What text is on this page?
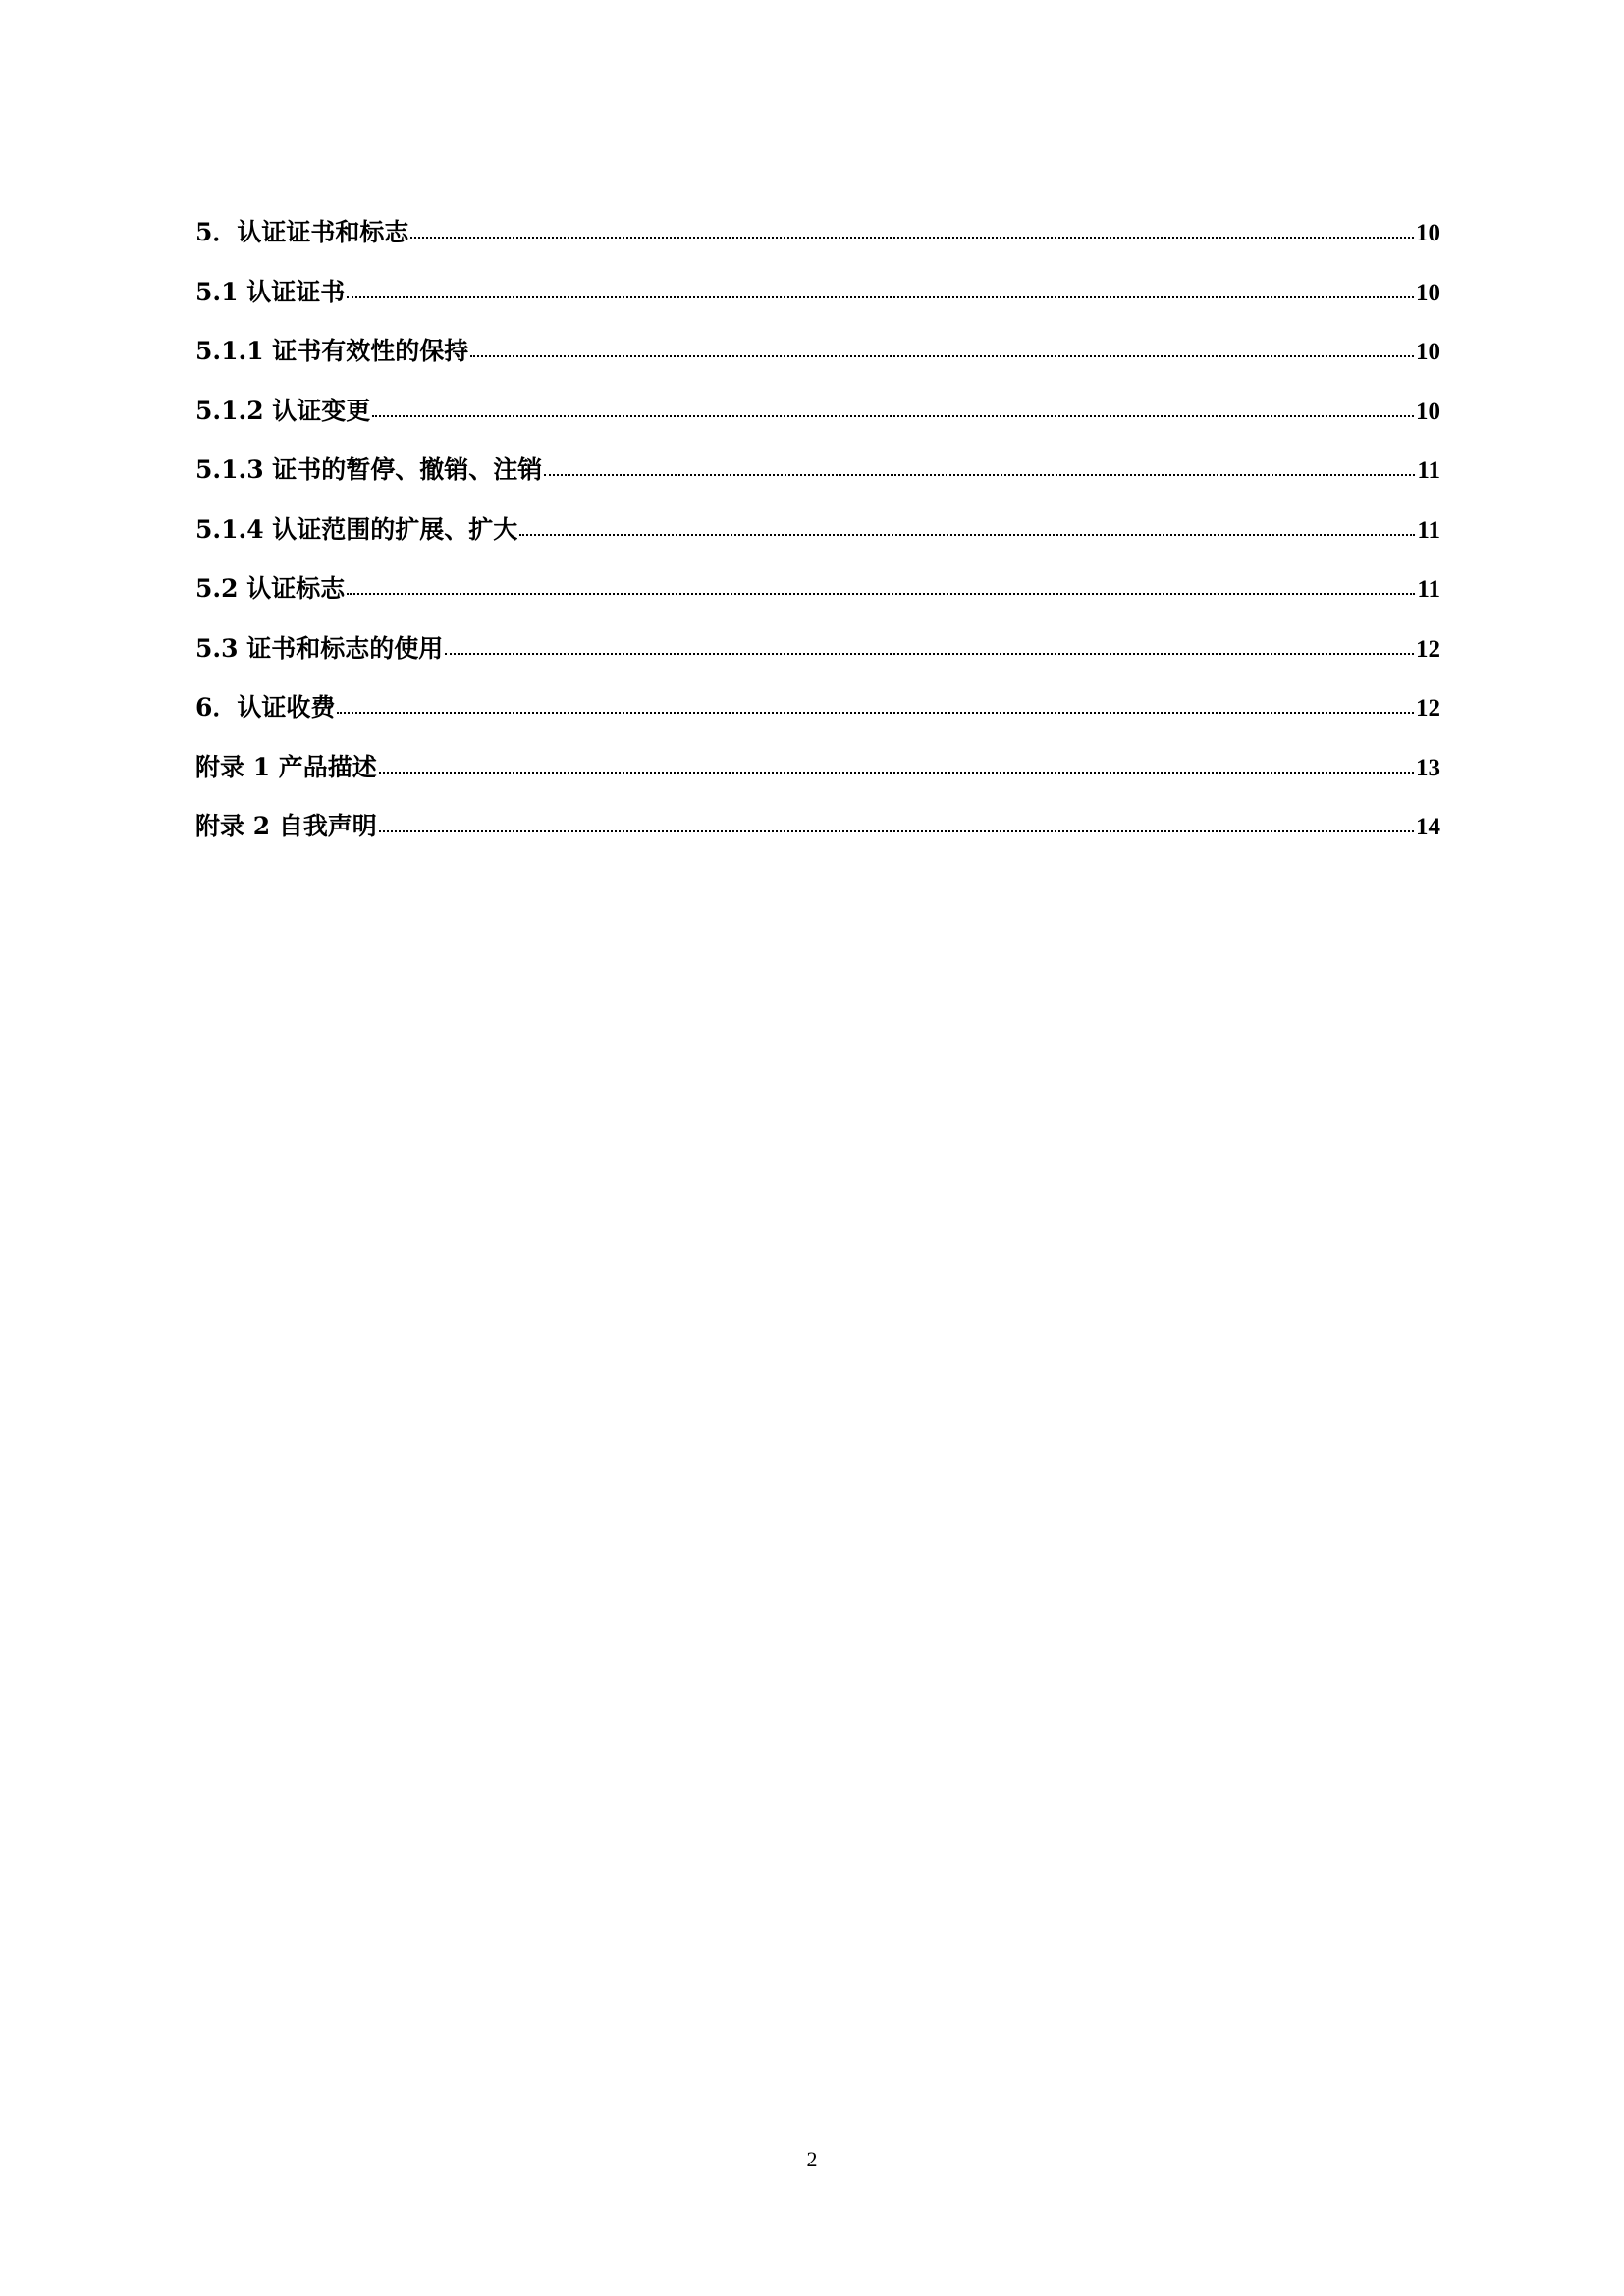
5．认证证书和标志	10
5.1 认证证书	10
5.1.1 证书有效性的保持	10
5.1.2 认证变更	10
5.1.3 证书的暂停、撤销、注销	11
5.1.4 认证范围的扩展、扩大	11
5.2 认证标志	11
5.3 证书和标志的使用	12
6．认证收费	12
附录 1 产品描述	13
附录 2 自我声明	14
2
